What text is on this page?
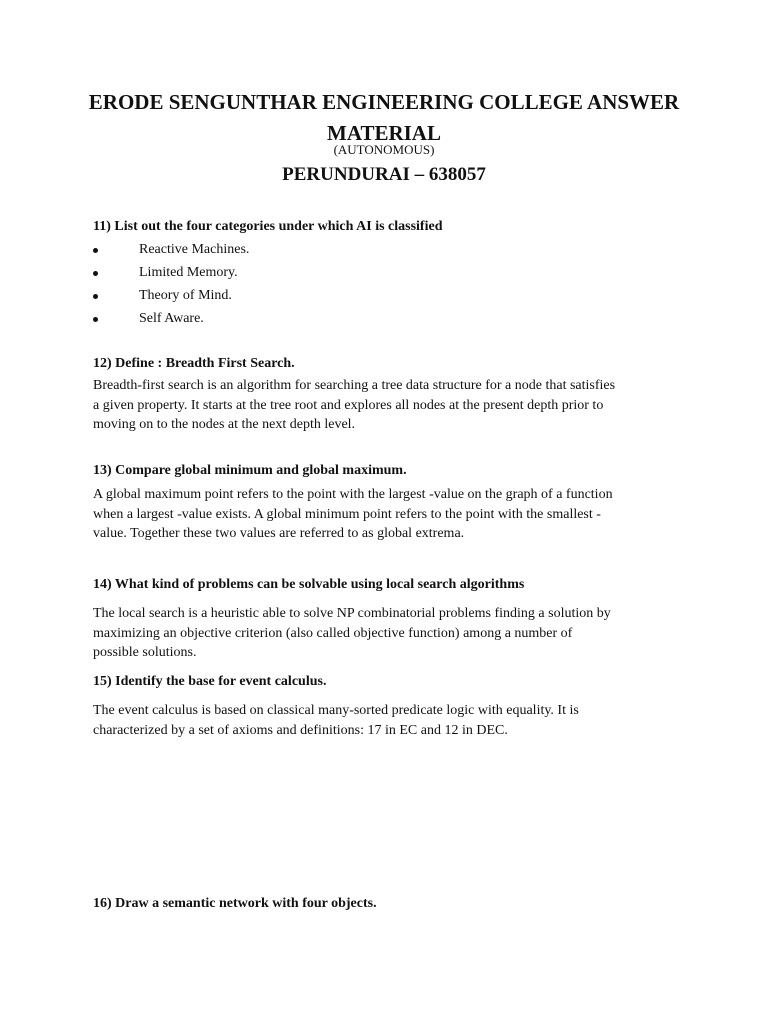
ERODE SENGUNTHAR ENGINEERING COLLEGE ANSWER MATERIAL
(AUTONOMOUS)
PERUNDURAI – 638057
11) List out the four categories under which AI is classified
Reactive Machines.
Limited Memory.
Theory of Mind.
Self Aware.
12) Define : Breadth First Search.
Breadth-first search is an algorithm for searching a tree data structure for a node that satisfies
a given property. It starts at the tree root and explores all nodes at the present depth prior to
moving on to the nodes at the next depth level.
13) Compare global minimum and global maximum.
A global maximum point refers to the point with the largest -value on the graph of a function
when a largest -value exists. A global minimum point refers to the point with the smallest -
value. Together these two values are referred to as global extrema.
14) What kind of problems can be solvable using local search algorithms
The local search is a heuristic able to solve NP combinatorial problems finding a solution by
maximizing an objective criterion (also called objective function) among a number of
possible solutions.
15) Identify the base for event calculus.
The event calculus is based on classical many-sorted predicate logic with equality. It is
characterized by a set of axioms and definitions: 17 in EC and 12 in DEC.
16) Draw a semantic network with four objects.
